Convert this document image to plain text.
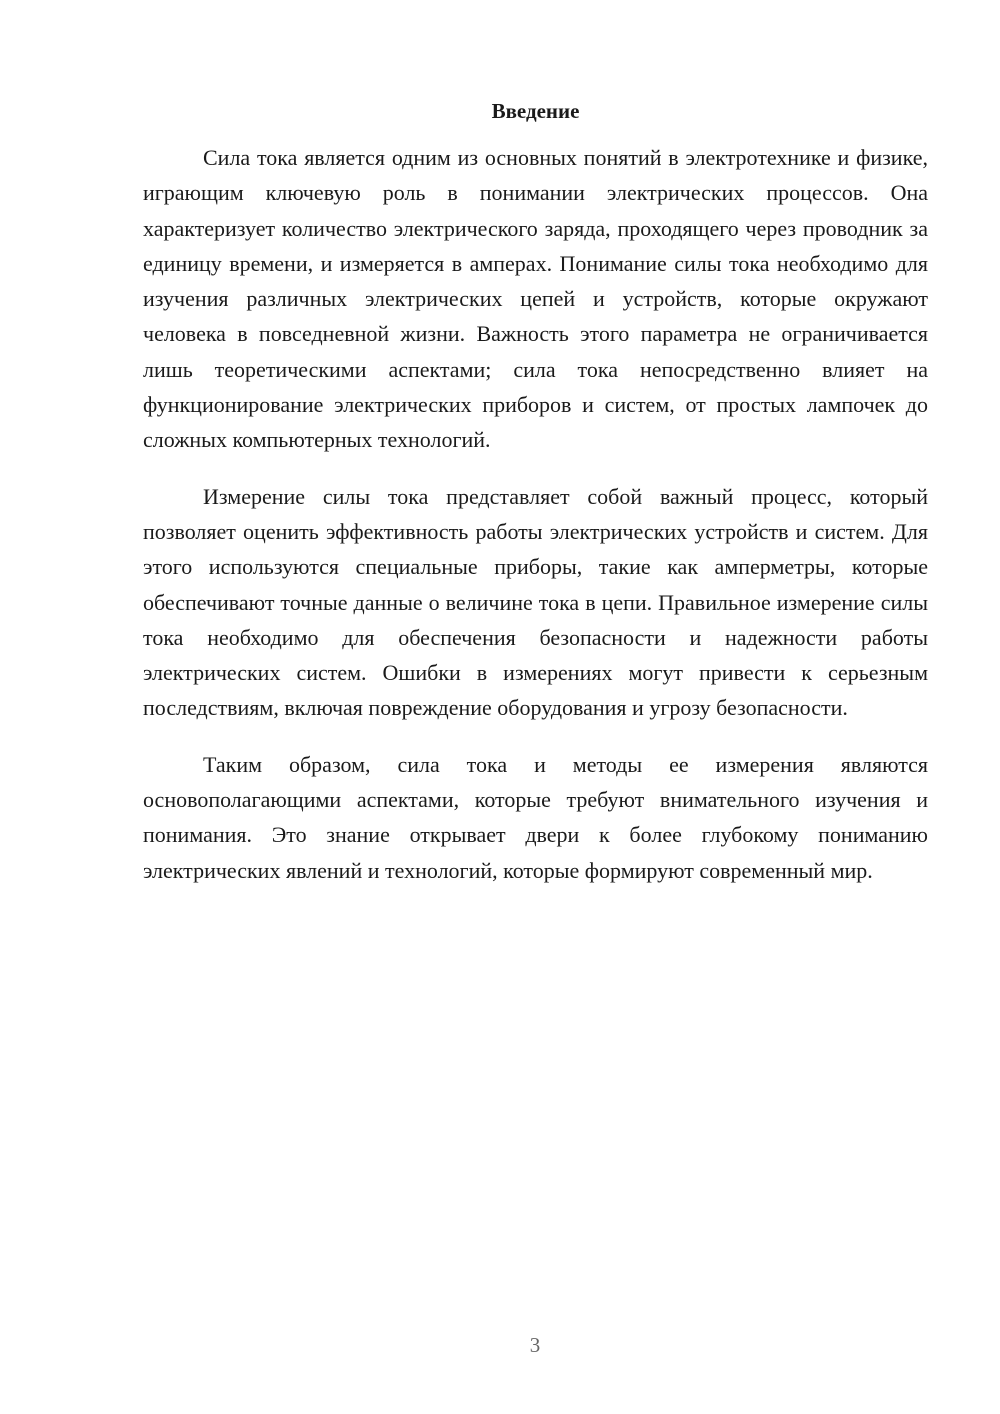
Введение

Сила тока является одним из основных понятий в электротехнике и физике, играющим ключевую роль в понимании электрических процессов. Она характеризует количество электрического заряда, проходящего через проводник за единицу времени, и измеряется в амперах. Понимание силы тока необходимо для изучения различных электрических цепей и устройств, которые окружают человека в повседневной жизни. Важность этого параметра не ограничивается лишь теоретическими аспектами; сила тока непосредственно влияет на функционирование электрических приборов и систем, от простых лампочек до сложных компьютерных технологий.

Измерение силы тока представляет собой важный процесс, который позволяет оценить эффективность работы электрических устройств и систем. Для этого используются специальные приборы, такие как амперметры, которые обеспечивают точные данные о величине тока в цепи. Правильное измерение силы тока необходимо для обеспечения безопасности и надежности работы электрических систем. Ошибки в измерениях могут привести к серьезным последствиям, включая повреждение оборудования и угрозу безопасности.

Таким образом, сила тока и методы ее измерения являются основополагающими аспектами, которые требуют внимательного изучения и понимания. Это знание открывает двери к более глубокому пониманию электрических явлений и технологий, которые формируют современный мир.

3
